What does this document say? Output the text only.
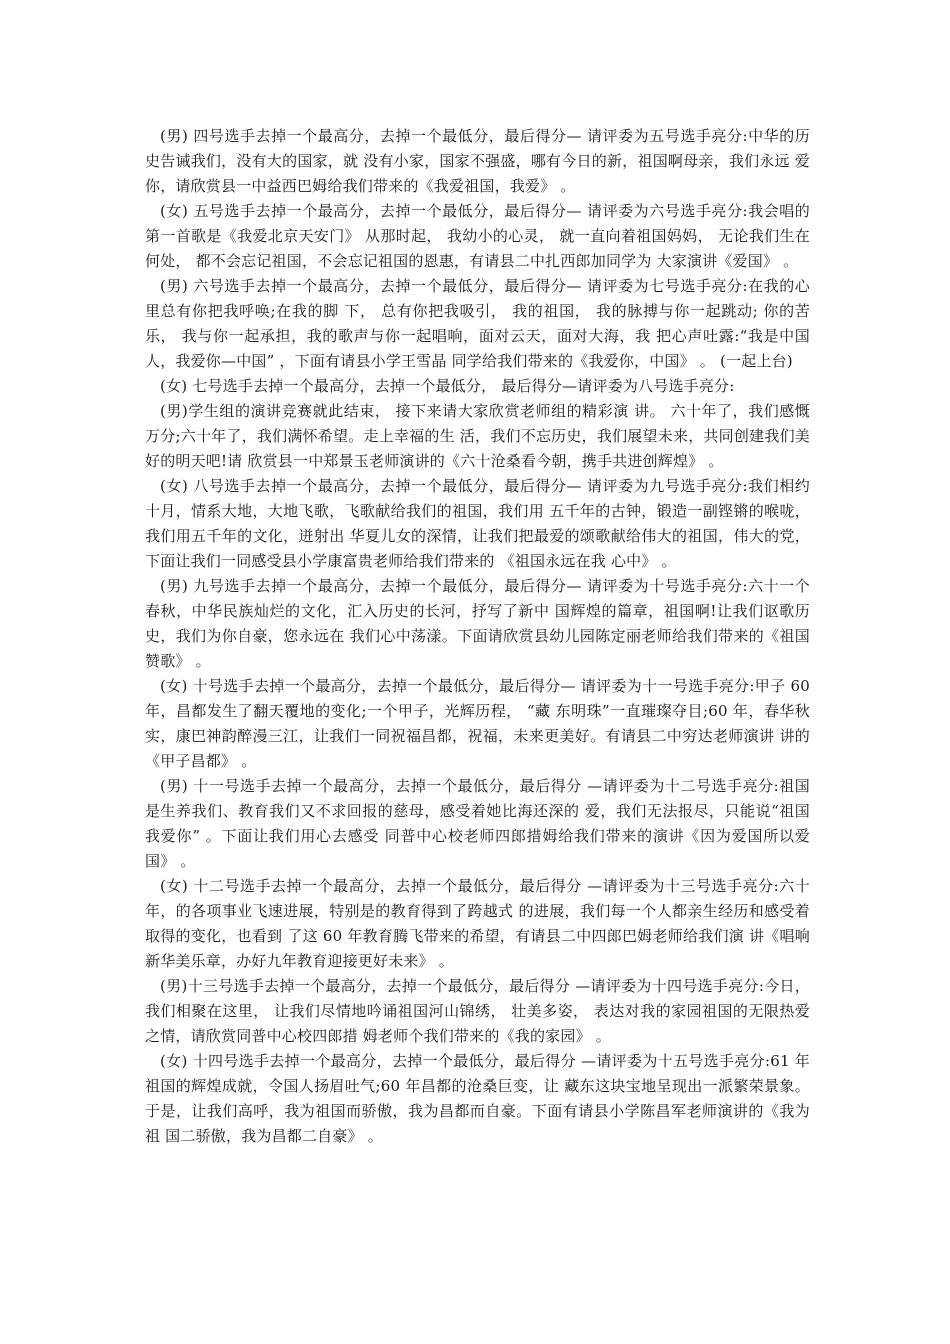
(男) 四号选手去掉一个最高分，去掉一个最低分，最后得分— 请评委为五号选手亮分:中华的历史告诫我们，没有大的国家，就 没有小家，国家不强盛，哪有今日的新，祖国啊母亲，我们永远 爱你，请欣赏县一中益西巴姆给我们带来的《我爱祖国，我爱》 。

(女) 五号选手去掉一个最高分，去掉一个最低分，最后得分— 请评委为六号选手亮分:我会唱的第一首歌是《我爱北京天安门》 从那时起， 我幼小的心灵， 就一直向着祖国妈妈， 无论我们生在何处， 都不会忘记祖国，不会忘记祖国的恩惠，有请县二中扎西郎加同学为 大家演讲《爱国》 。

(男) 六号选手去掉一个最高分，去掉一个最低分，最后得分— 请评委为七号选手亮分:在我的心里总有你把我呼唤;在我的脚 下， 总有你把我吸引， 我的祖国， 我的脉搏与你一起跳动; 你的苦乐， 我与你一起承担，我的歌声与你一起唱响，面对云天，面对大海，我 把心声吐露:“我是中国人，我爱你—中国” ，下面有请县小学王雪晶 同学给我们带来的《我爱你，中国》 。 (一起上台)

(女) 七号选手去掉一个最高分，去掉一个最低分， 最后得分—请评委为八号选手亮分:

(男)学生组的演讲竞赛就此结束， 接下来请大家欣赏老师组的精彩演 讲。 六十年了，我们感慨万分;六十年了，我们满怀希望。走上幸福的生 活，我们不忘历史，我们展望未来，共同创建我们美好的明天吧!请 欣赏县一中郑景玉老师演讲的《六十沧桑看今朝，携手共进创辉煌》 。

(女) 八号选手去掉一个最高分，去掉一个最低分，最后得分— 请评委为九号选手亮分:我们相约十月，情系大地，大地飞歌，飞歌献给我们的祖国，我们用 五千年的古钟，锻造一副铿锵的喉咙，我们用五千年的文化，迸射出 华夏儿女的深情，让我们把最爱的颂歌献给伟大的祖国，伟大的党， 下面让我们一同感受县小学康富贵老师给我们带来的 《祖国永远在我 心中》 。

(男) 九号选手去掉一个最高分，去掉一个最低分，最后得分— 请评委为十号选手亮分:六十一个春秋，中华民族灿烂的文化，汇入历史的长河，抒写了新中 国辉煌的篇章，祖国啊!让我们讴歌历史，我们为你自豪，您永远在 我们心中荡漾。下面请欣赏县幼儿园陈定丽老师给我们带来的《祖国 赞歌》 。

(女) 十号选手去掉一个最高分，去掉一个最低分，最后得分— 请评委为十一号选手亮分:甲子 60 年，昌都发生了翻天覆地的变化;一个甲子，光辉历程， “藏 东明珠”一直璀璨夺目;60 年，春华秋实，康巴神韵醉漫三江，让我们一同祝福昌都，祝福，未来更美好。有请县二中穷达老师演讲 讲的《甲子昌都》 。

(男) 十一号选手去掉一个最高分，去掉一个最低分，最后得分 —请评委为十二号选手亮分:祖国是生养我们、教育我们又不求回报的慈母，感受着她比海还深的 爱，我们无法报尽，只能说“祖国我爱你” 。下面让我们用心去感受 同普中心校老师四郎措姆给我们带来的演讲《因为爱国所以爱国》 。

(女) 十二号选手去掉一个最高分，去掉一个最低分，最后得分 —请评委为十三号选手亮分:六十年，的各项事业飞速进展，特别是的教育得到了跨越式 的进展，我们每一个人都亲生经历和感受着取得的变化，也看到 了这 60 年教育腾飞带来的希望，有请县二中四郎巴姆老师给我们演 讲《唱响新华美乐章，办好九年教育迎接更好未来》 。

(男)十三号选手去掉一个最高分，去掉一个最低分，最后得分 —请评委为十四号选手亮分:今日， 我们相聚在这里， 让我们尽情地吟诵祖国河山锦绣， 壮美多姿， 表达对我的家园祖国的无限热爱之情，请欣赏同普中心校四郎措 姆老师个我们带来的《我的家园》 。

(女) 十四号选手去掉一个最高分，去掉一个最低分，最后得分 —请评委为十五号选手亮分:61 年祖国的辉煌成就，令国人扬眉吐气;60 年昌都的沧桑巨变，让 藏东这块宝地呈现出一派繁荣景象。于是，让我们高呼，我为祖国而骄傲，我为昌都而自豪。下面有请县小学陈昌军老师演讲的《我为祖 国二骄傲，我为昌都二自豪》 。
